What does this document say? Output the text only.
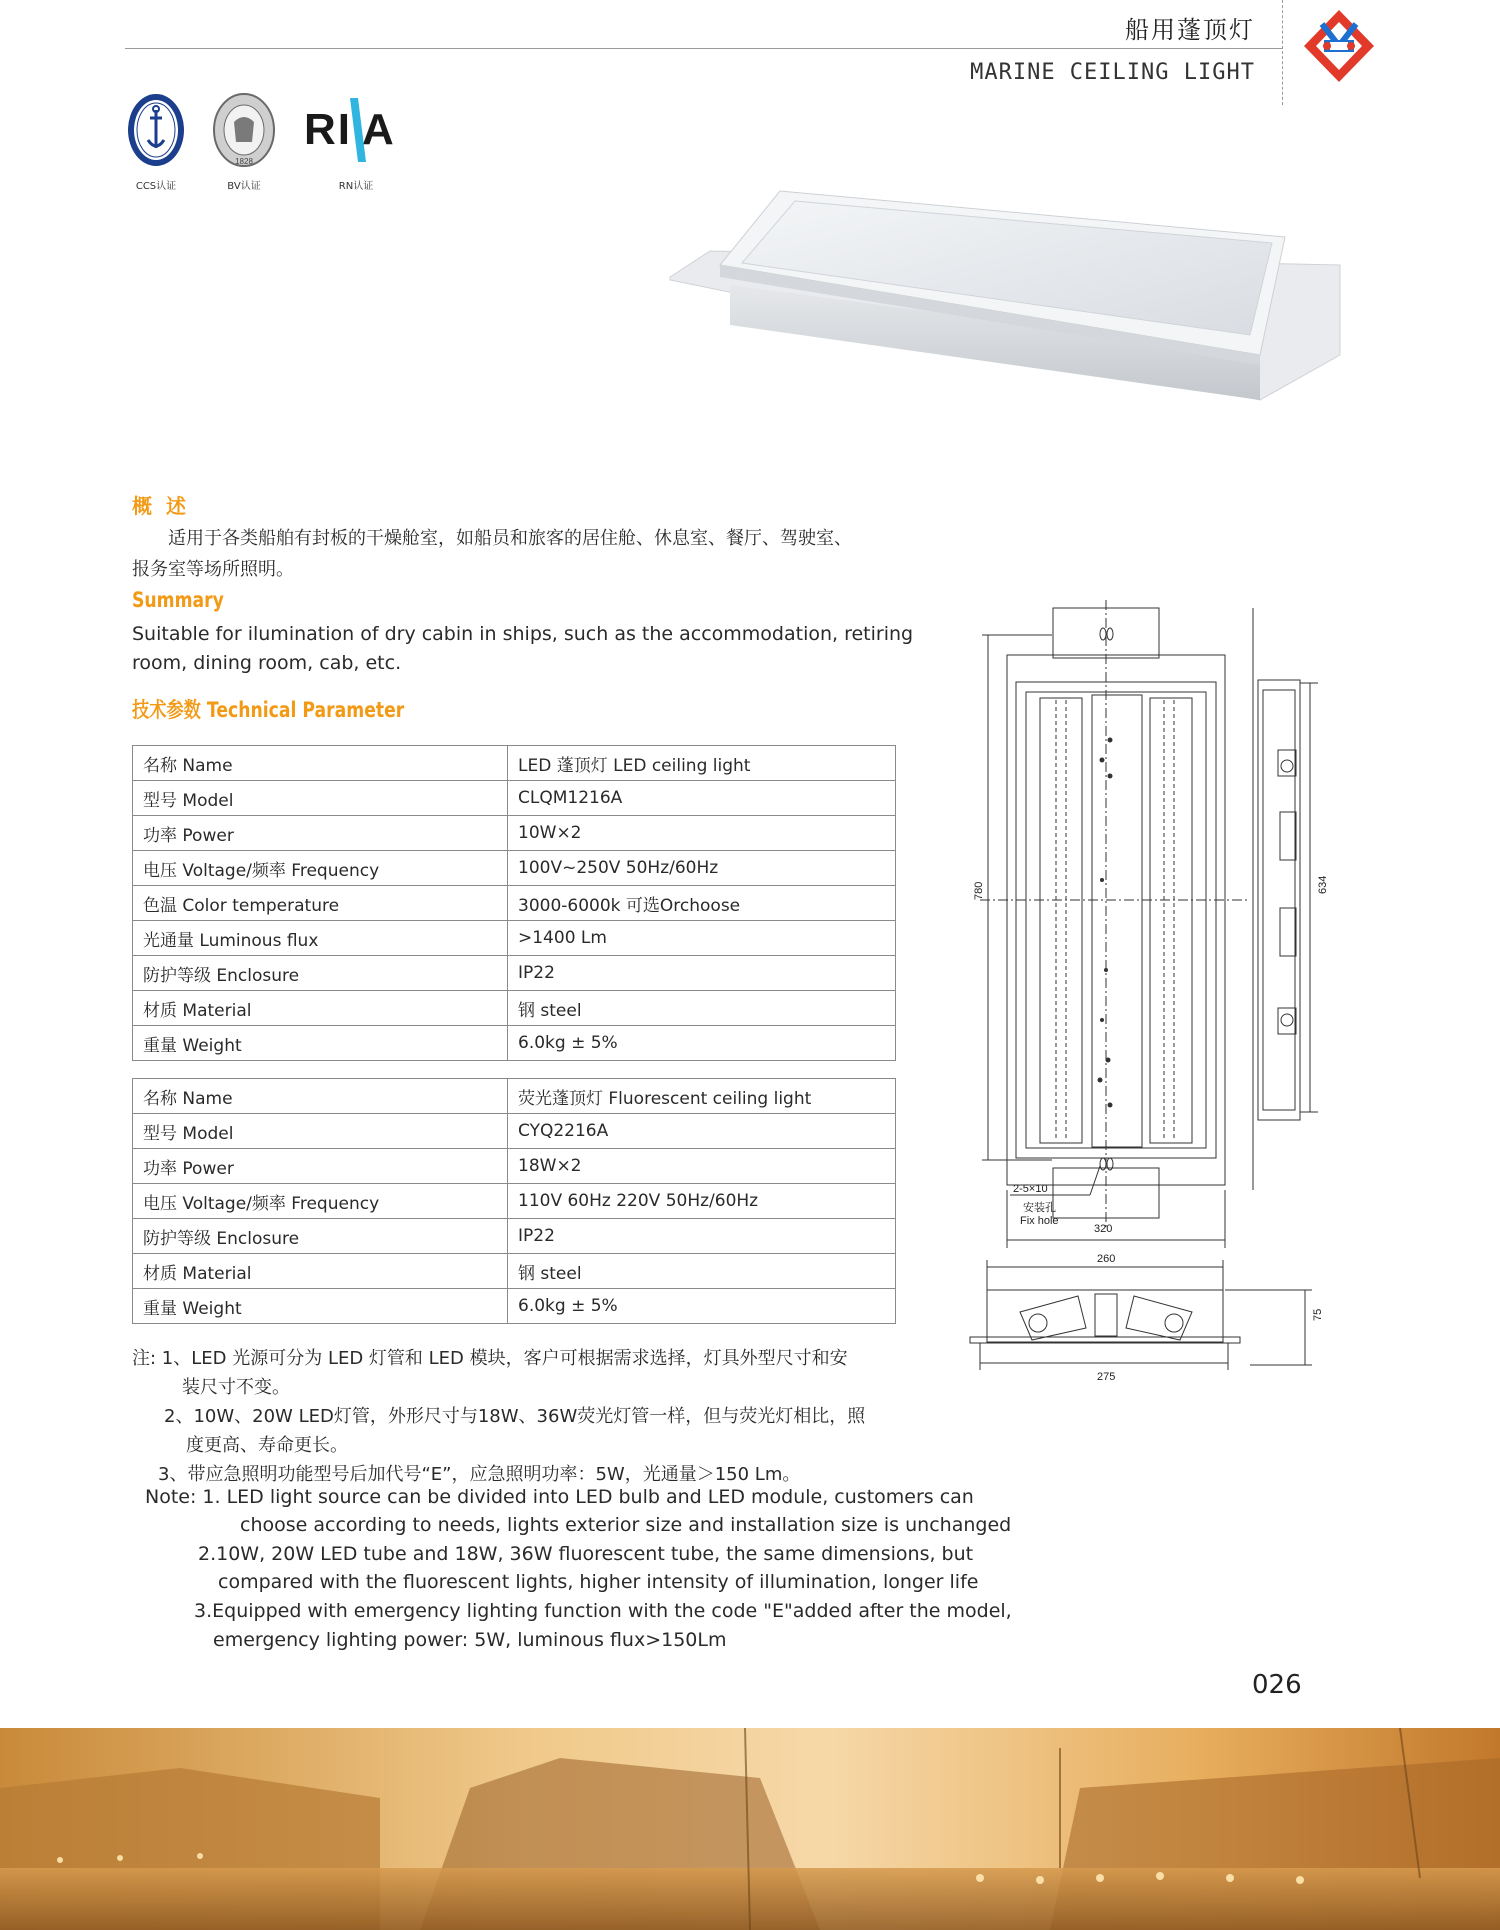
船用蓬顶灯
MARINE CEILING LIGHT
1828
RI A
CCS认证	BV认证	RN认证
概述
适用于各类船舶有封板的干燥舱室，如船员和旅客的居住舱、休息室、餐厅、驾驶室、
报务室等场所照明。
Summary
Suitable for ilumination of dry cabin in ships, such as the accommodation, retiring
room, dining room, cab, etc.
技术参数 Technical Parameter
名称 Name	LED 蓬顶灯 LED ceiling light
型号 Model	CLQM1216A
功率 Power	10W×2
电压 Voltage/频率 Frequency	100V~250V 50Hz/60Hz
色温 Color temperature	3000-6000k 可选Orchoose
光通量 Luminous flux	>1400 Lm
防护等级 Enclosure	IP22
材质 Material	钢 steel
重量 Weight	6.0kg ± 5%
名称 Name	荧光蓬顶灯 Fluorescent ceiling light
型号 Model	CYQ2216A
功率 Power	18W×2
电压 Voltage/频率 Frequency	110V 60Hz 220V 50Hz/60Hz
防护等级 Enclosure	IP22
材质 Material	钢 steel
重量 Weight	6.0kg ± 5%
注: 1、LED 光源可分为 LED 灯管和 LED 模块，客户可根据需求选择，灯具外型尺寸和安
装尺寸不变。
2、10W、20W LED灯管，外形尺寸与18W、36W荧光灯管一样，但与荧光灯相比，照
度更高、寿命更长。
3、带应急照明功能型号后加代号“E”，应急照明功率：5W，光通量＞150 Lm。
Note: 1. LED light source can be divided into LED bulb and LED module, customers can
choose according to needs, lights exterior size and installation size is unchanged
2.10W, 20W LED tube and 18W, 36W fluorescent tube, the same dimensions, but
compared with the fluorescent lights, higher intensity of illumination, longer life
3.Equipped with emergency lighting function with the code "E"added after the model,
emergency lighting power: 5W, luminous flux>150Lm
780	634
2-5×10
安装孔
Fix hole
320
260
275
75
026
